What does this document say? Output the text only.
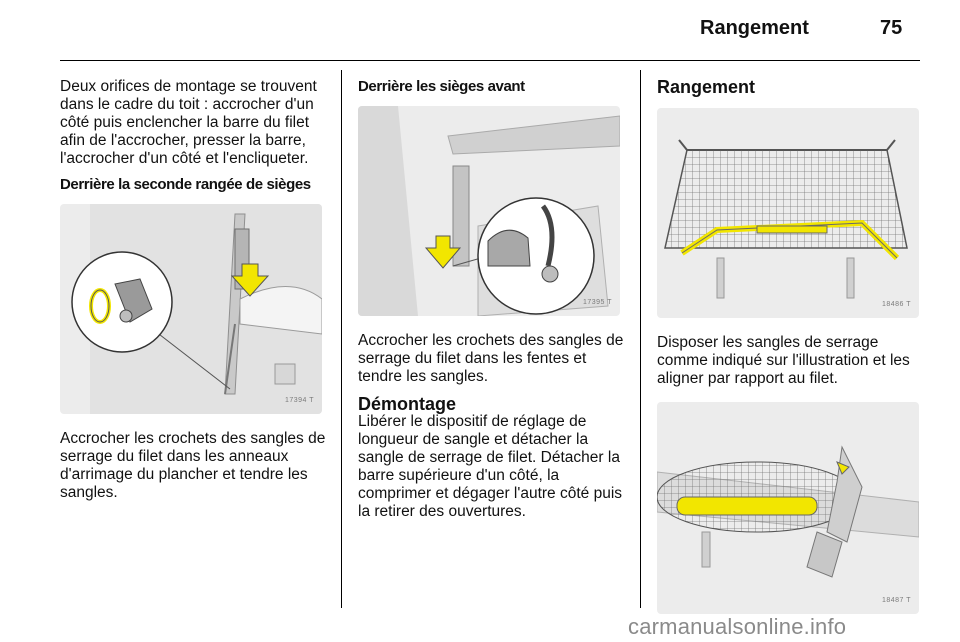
Rangement	75

Deux orifices de montage se trouvent dans le cadre du toit : accrocher d'un côté puis enclencher la barre du filet afin de l'accrocher, presser la barre, l'accrocher d'un côté et l'encliqueter.

Derrière la seconde rangée de sièges

17394 T

Accrocher les crochets des sangles de serrage du filet dans les anneaux d'arrimage du plancher et tendre les sangles.

Derrière les sièges avant

17395 T

Accrocher les crochets des sangles de serrage du filet dans les fentes et tendre les sangles.

Démontage

Libérer le dispositif de réglage de longueur de sangle et détacher la sangle de serrage de filet. Détacher la barre supérieure d'un côté, la comprimer et dégager l'autre côté puis la retirer des ouvertures.

Rangement

18486 T

Disposer les sangles de serrage comme indiqué sur l'illustration et les aligner par rapport au filet.

18487 T
carmanualsonline.info
